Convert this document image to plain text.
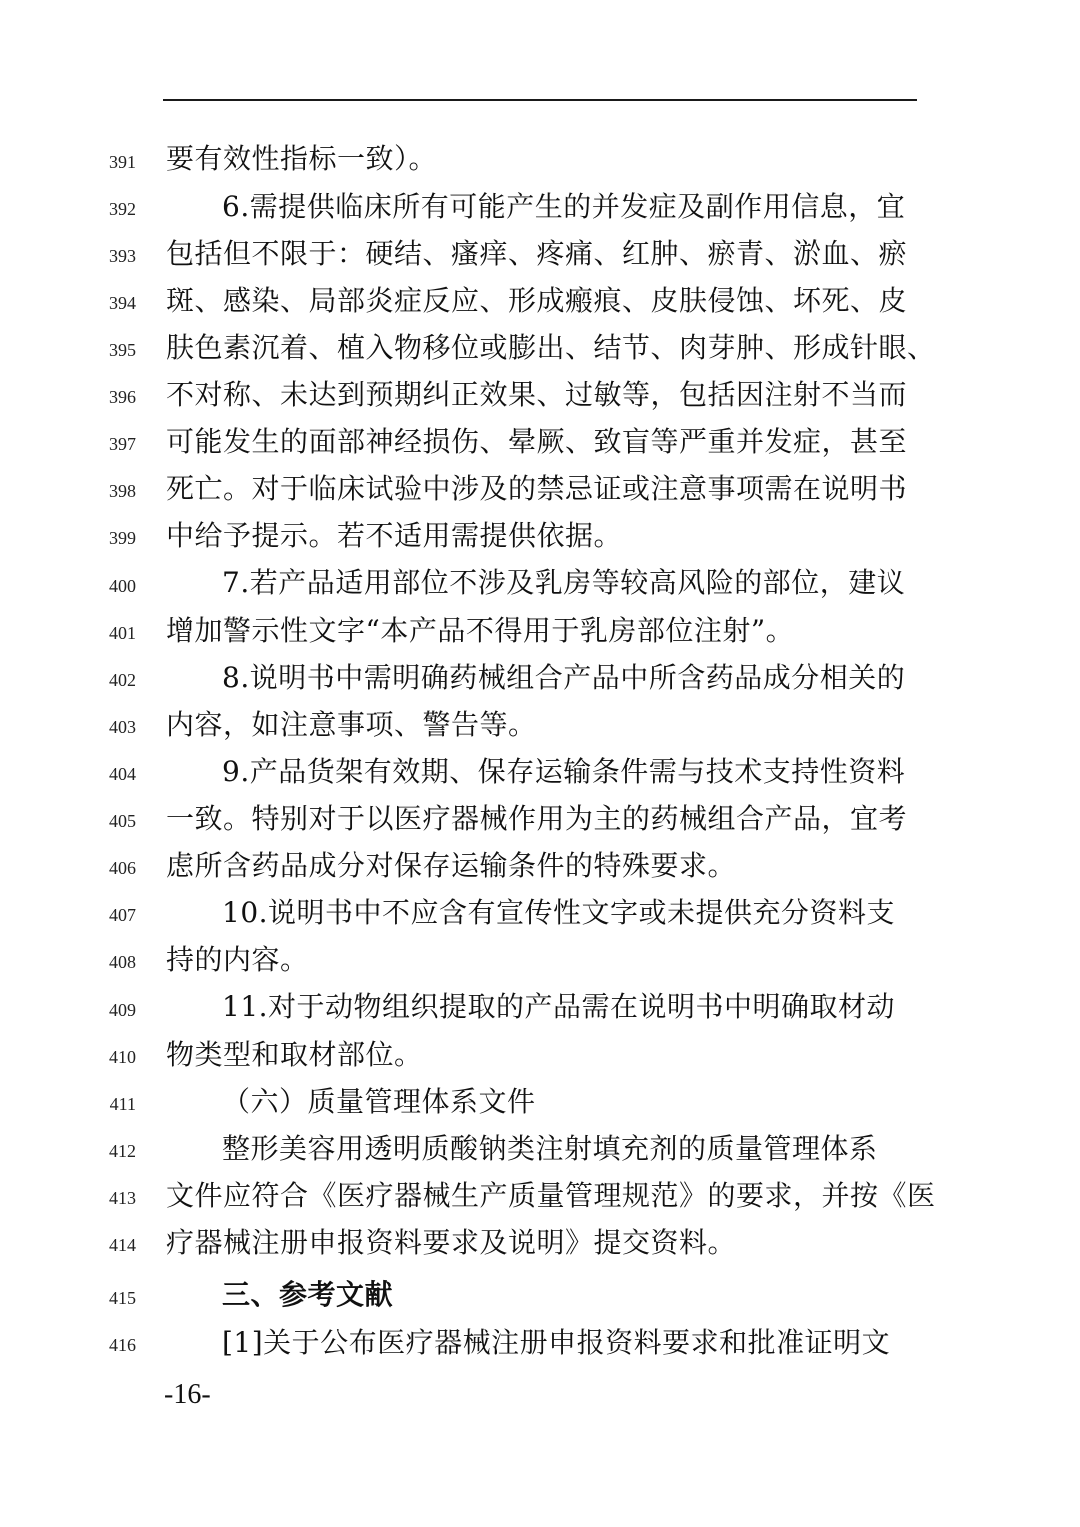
391 要有效性指标一致）。
392	6.需提供临床所有可能产生的并发症及副作用信息，宜
393 包括但不限于：硬结、瘙痒、疼痛、红肿、瘀青、淤血、瘀
394 斑、感染、局部炎症反应、形成瘢痕、皮肤侵蚀、坏死、皮
395 肤色素沉着、植入物移位或膨出、结节、肉芽肿、形成针眼、
396 不对称、未达到预期纠正效果、过敏等，包括因注射不当而
397 可能发生的面部神经损伤、晕厥、致盲等严重并发症，甚至
398 死亡。对于临床试验中涉及的禁忌证或注意事项需在说明书
399 中给予提示。若不适用需提供依据。
400	7.若产品适用部位不涉及乳房等较高风险的部位，建议
401 增加警示性文字“本产品不得用于乳房部位注射”。
402	8.说明书中需明确药械组合产品中所含药品成分相关的
403 内容，如注意事项、警告等。
404	9.产品货架有效期、保存运输条件需与技术支持性资料
405 一致。特别对于以医疗器械作用为主的药械组合产品，宜考
406 虑所含药品成分对保存运输条件的特殊要求。
407	10.说明书中不应含有宣传性文字或未提供充分资料支
408 持的内容。
409	11.对于动物组织提取的产品需在说明书中明确取材动
410 物类型和取材部位。
411	（六）质量管理体系文件
412	整形美容用透明质酸钠类注射填充剂的质量管理体系
413 文件应符合《医疗器械生产质量管理规范》的要求，并按《医
414 疗器械注册申报资料要求及说明》提交资料。
415	三、参考文献
416	[1]关于公布医疗器械注册申报资料要求和批准证明文
-16-
